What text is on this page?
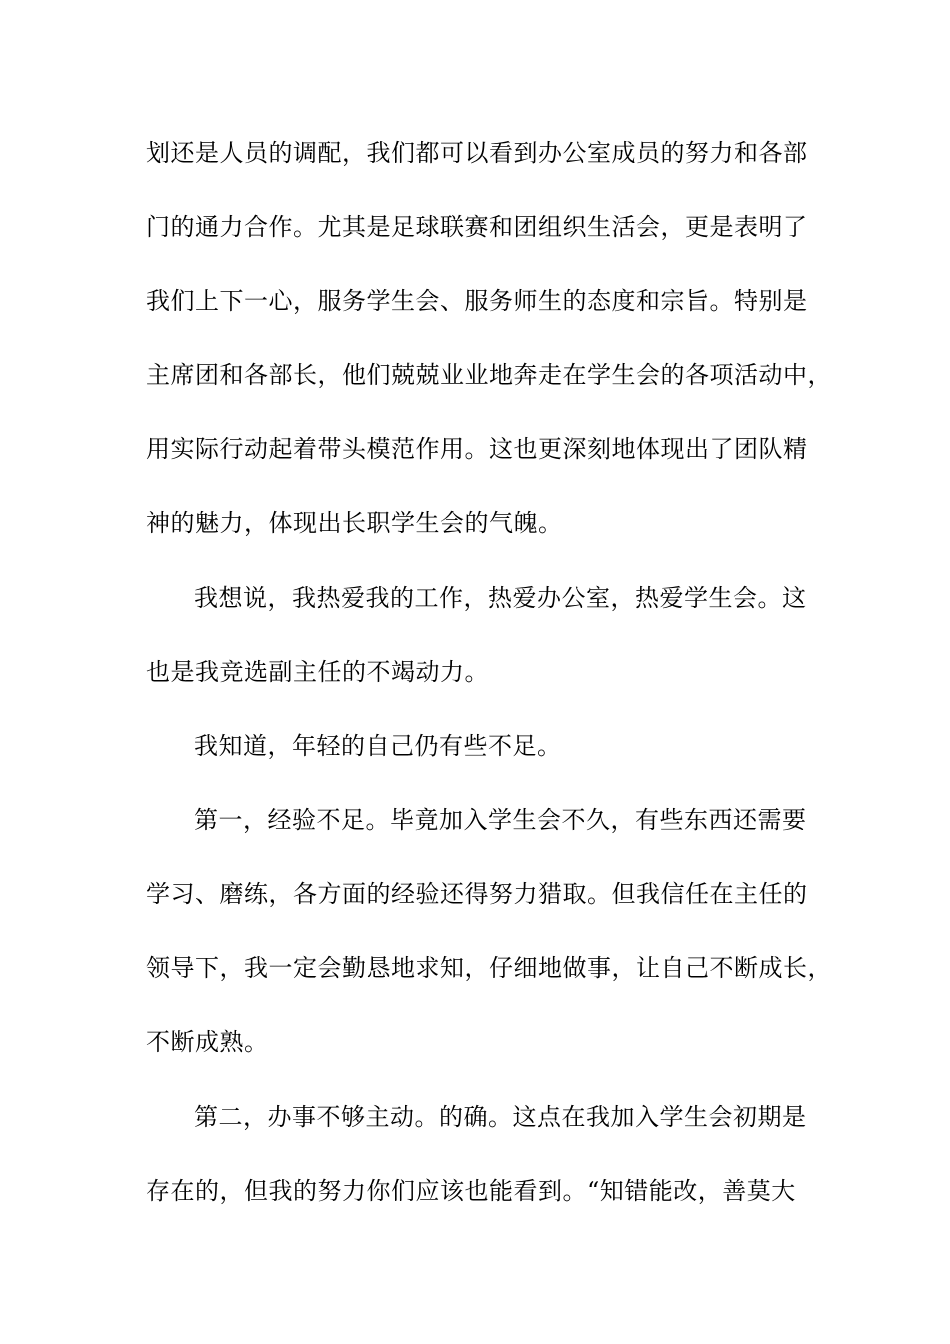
划还是人员的调配，我们都可以看到办公室成员的努力和各部
门的通力合作。尤其是足球联赛和团组织生活会，更是表明了
我们上下一心，服务学生会、服务师生的态度和宗旨。特别是
主席团和各部长，他们兢兢业业地奔走在学生会的各项活动中，
用实际行动起着带头模范作用。这也更深刻地体现出了团队精
神的魅力，体现出长职学生会的气魄。
我想说，我热爱我的工作，热爱办公室，热爱学生会。这
也是我竞选副主任的不竭动力。
我知道，年轻的自己仍有些不足。
第一，经验不足。毕竟加入学生会不久，有些东西还需要
学习、磨练，各方面的经验还得努力猎取。但我信任在主任的
领导下，我一定会勤恳地求知，仔细地做事，让自己不断成长，
不断成熟。
第二，办事不够主动。的确。这点在我加入学生会初期是
存在的，但我的努力你们应该也能看到。“知错能改，善莫大
